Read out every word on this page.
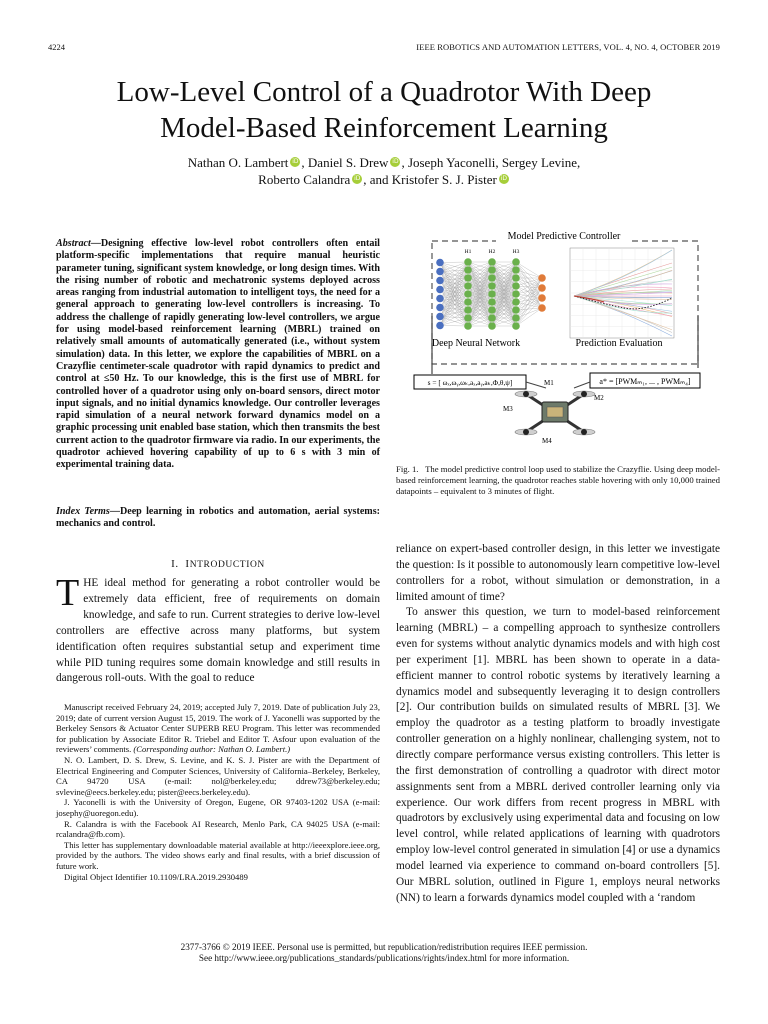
4224	IEEE ROBOTICS AND AUTOMATION LETTERS, VOL. 4, NO. 4, OCTOBER 2019
Low-Level Control of a Quadrotor With Deep
Model-Based Reinforcement Learning
Nathan O. Lambert iD , Daniel S. Drew iD , Joseph Yaconelli, Sergey Levine,
Roberto Calandra iD , and Kristofer S. J. Pister iD
Abstract—Designing effective low-level robot controllers often entail platform-specific implementations that require manual heuristic parameter tuning, significant system knowledge, or long design times. With the rising number of robotic and mechatronic systems deployed across areas ranging from industrial automation to intelligent toys, the need for a general approach to generating low-level controllers is increasing. To address the challenge of rapidly generating low-level controllers, we argue for using model-based reinforcement learning (MBRL) trained on relatively small amounts of automatically generated (i.e., without system simulation) data. In this letter, we explore the capabilities of MBRL on a Crazyflie centimeter-scale quadrotor with rapid dynamics to predict and control at ≤50 Hz. To our knowledge, this is the first use of MBRL for controlled hover of a quadrotor using only on-board sensors, direct motor input signals, and no initial dynamics knowledge. Our controller leverages rapid simulation of a neural network forward dynamics model on a graphic processing unit enabled base station, which then transmits the best current action to the quadrotor firmware via radio. In our experiments, the quadrotor achieved hovering capability of up to 6 s with 3 min of experimental training data.
Index Terms—Deep learning in robotics and automation, aerial systems: mechanics and control.
I. INTRODUCTION
THE ideal method for generating a robot controller would be extremely data efficient, free of requirements on domain knowledge, and safe to run. Current strategies to derive low-level controllers are effective across many platforms, but system identification often requires substantial setup and experiment time while PID tuning requires some domain knowledge and still results in dangerous roll-outs. With the goal to reduce

Manuscript received February 24, 2019; accepted July 7, 2019. Date of publication July 23, 2019; date of current version August 15, 2019. The work of J. Yaconelli was supported by the Berkeley Sensors & Actuator Center SUPERB REU Program. This letter was recommended for publication by Associate Editor R. Triebel and Editor T. Asfour upon evaluation of the reviewers’ comments. (Corresponding author: Nathan O. Lambert.)

N. O. Lambert, D. S. Drew, S. Levine, and K. S. J. Pister are with the Department of Electrical Engineering and Computer Sciences, University of California–Berkeley, Berkeley, CA 94720 USA (e-mail: nol@berkeley.edu; ddrew73@berkeley.edu; svlevine@eecs.berkeley.edu; pister@eecs.berkeley.edu).

J. Yaconelli is with the University of Oregon, Eugene, OR 97403-1202 USA (e-mail: josephy@uoregon.edu).

R. Calandra is with the Facebook AI Research, Menlo Park, CA 94025 USA (e-mail: rcalandra@fb.com).

This letter has supplementary downloadable material available at http://ieeexplore.ieee.org, provided by the authors. The video shows early and final results, with a brief discussion of future work.

Digital Object Identifier 10.1109/LRA.2019.2930489

Model Predictive Controller
H1	H2	H3
Deep Neural Network	Prediction Evaluation
s = [ ωₓ,ωᵧ,ωₖ,aₓ,aᵧ,aₖ,Φ,θ,ψ]	a* = [PWMₘ₁, ... , PWMₘ₄]
M1
M2
M3
M4
Fig. 1. The model predictive control loop used to stabilize the Crazyflie. Using deep model-based reinforcement learning, the quadrotor reaches stable hovering with only 10,000 trained datapoints – equivalent to 3 minutes of flight.

reliance on expert-based controller design, in this letter we investigate the question: Is it possible to autonomously learn competitive low-level controllers for a robot, without simulation or demonstration, in a limited amount of time?

To answer this question, we turn to model-based reinforcement learning (MBRL) – a compelling approach to synthesize controllers even for systems without analytic dynamics models and with high cost per experiment [1]. MBRL has been shown to operate in a data-efficient manner to control robotic systems by iteratively learning a dynamics model and subsequently leveraging it to design controllers [2]. Our contribution builds on simulated results of MBRL [3]. We employ the quadrotor as a testing platform to broadly investigate controller generation on a highly nonlinear, challenging system, not to directly compare performance versus existing controllers. This letter is the first demonstration of controlling a quadrotor with direct motor assignments sent from a MBRL derived controller learning only via experience. Our work differs from recent progress in MBRL with quadrotors by exclusively using experimental data and focusing on low level control, while related applications of learning with quadrotors employ low-level control generated in simulation [4] or use a dynamics model learned via experience to command on-board controllers [5]. Our MBRL solution, outlined in Figure 1, employs neural networks (NN) to learn a forwards dynamics model coupled with a ‘random

2377-3766 © 2019 IEEE. Personal use is permitted, but republication/redistribution requires IEEE permission.
See http://www.ieee.org/publications_standards/publications/rights/index.html for more information.
